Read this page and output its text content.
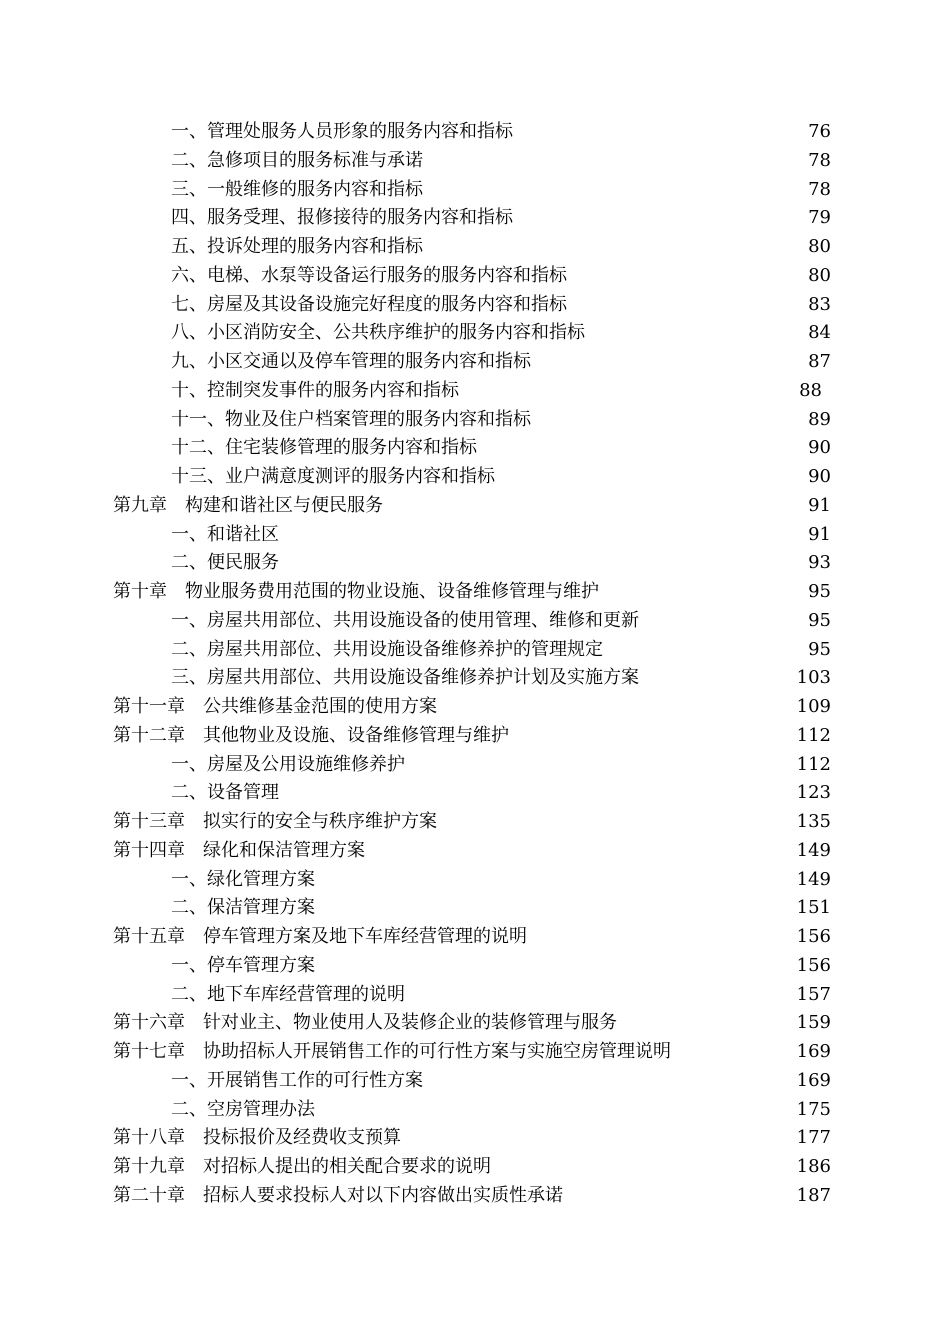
一、管理处服务人员形象的服务内容和指标	76
二、急修项目的服务标准与承诺	78
三、一般维修的服务内容和指标	78
四、服务受理、报修接待的服务内容和指标	79
五、投诉处理的服务内容和指标	80
六、电梯、水泵等设备运行服务的服务内容和指标	80
七、房屋及其设备设施完好程度的服务内容和指标	83
八、小区消防安全、公共秩序维护的服务内容和指标	84
九、小区交通以及停车管理的服务内容和指标	87
十、控制突发事件的服务内容和指标	88
十一、物业及住户档案管理的服务内容和指标	89
十二、住宅装修管理的服务内容和指标	90
十三、业户满意度测评的服务内容和指标	90
第九章　构建和谐社区与便民服务	91
一、和谐社区	91
二、便民服务	93
第十章　物业服务费用范围的物业设施、设备维修管理与维护	95
一、房屋共用部位、共用设施设备的使用管理、维修和更新	95
二、房屋共用部位、共用设施设备维修养护的管理规定	95
三、房屋共用部位、共用设施设备维修养护计划及实施方案	103
第十一章　公共维修基金范围的使用方案	109
第十二章　其他物业及设施、设备维修管理与维护	112
一、房屋及公用设施维修养护	112
二、设备管理	123
第十三章　拟实行的安全与秩序维护方案	135
第十四章　绿化和保洁管理方案	149
一、绿化管理方案	149
二、保洁管理方案	151
第十五章　停车管理方案及地下车库经营管理的说明	156
一、停车管理方案	156
二、地下车库经营管理的说明	157
第十六章　针对业主、物业使用人及装修企业的装修管理与服务	159
第十七章　协助招标人开展销售工作的可行性方案与实施空房管理说明	169
一、开展销售工作的可行性方案	169
二、空房管理办法	175
第十八章　投标报价及经费收支预算	177
第十九章　对招标人提出的相关配合要求的说明	186
第二十章　招标人要求投标人对以下内容做出实质性承诺	187
